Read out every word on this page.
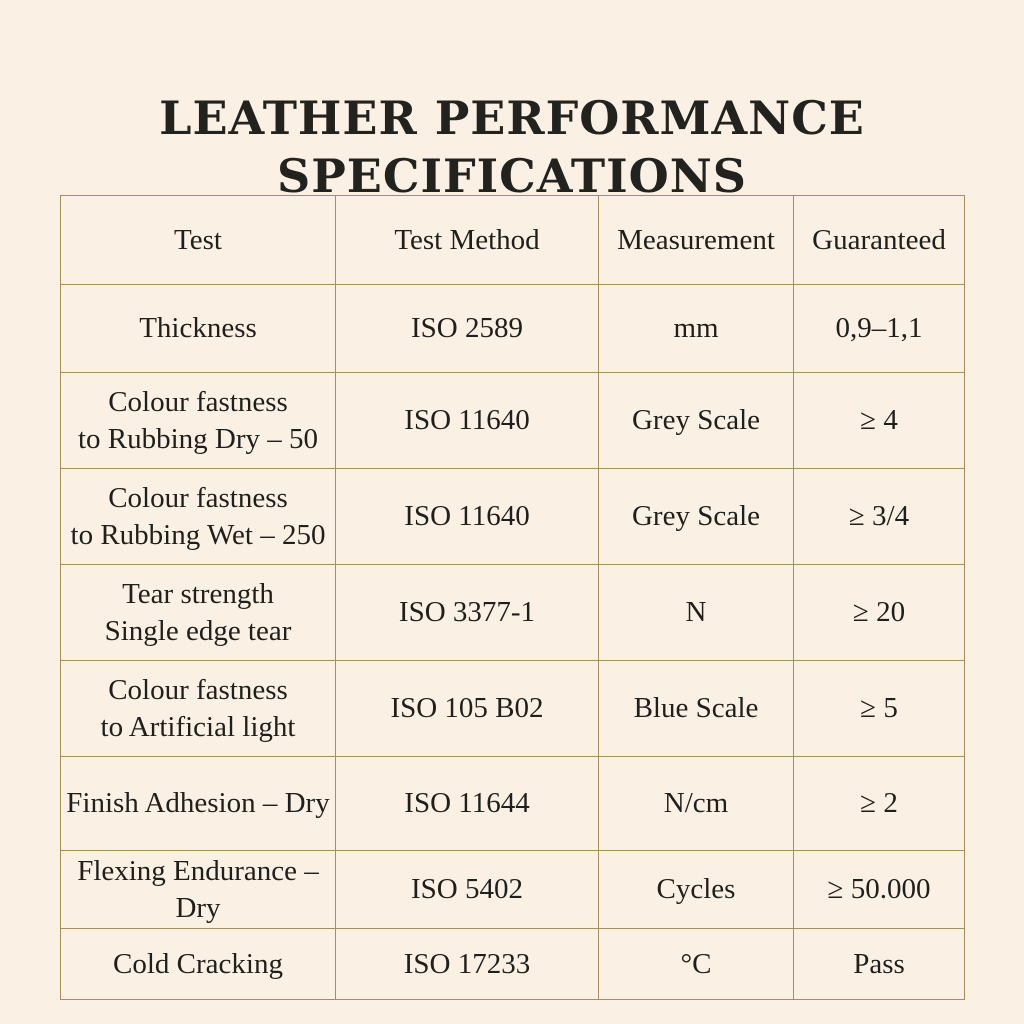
LEATHER PERFORMANCE
SPECIFICATIONS
Test	Test Method	Measurement	Guaranteed

Thickness	ISO 2589	mm	0,9–1,1

Colour fastness
to Rubbing Dry – 50	ISO 11640	Grey Scale	≥ 4

Colour fastness
to Rubbing Wet – 250	ISO 11640	Grey Scale	≥ 3/4

Tear strength
Single edge tear	ISO 3377-1	N	≥ 20

Colour fastness
to Artificial light	ISO 105 B02	Blue Scale	≥ 5

Finish Adhesion – Dry	ISO 11644	N/cm	≥ 2

Flexing Endurance – Dry	ISO 5402	Cycles	≥ 50.000

Cold Cracking	ISO 17233	°C	Pass
